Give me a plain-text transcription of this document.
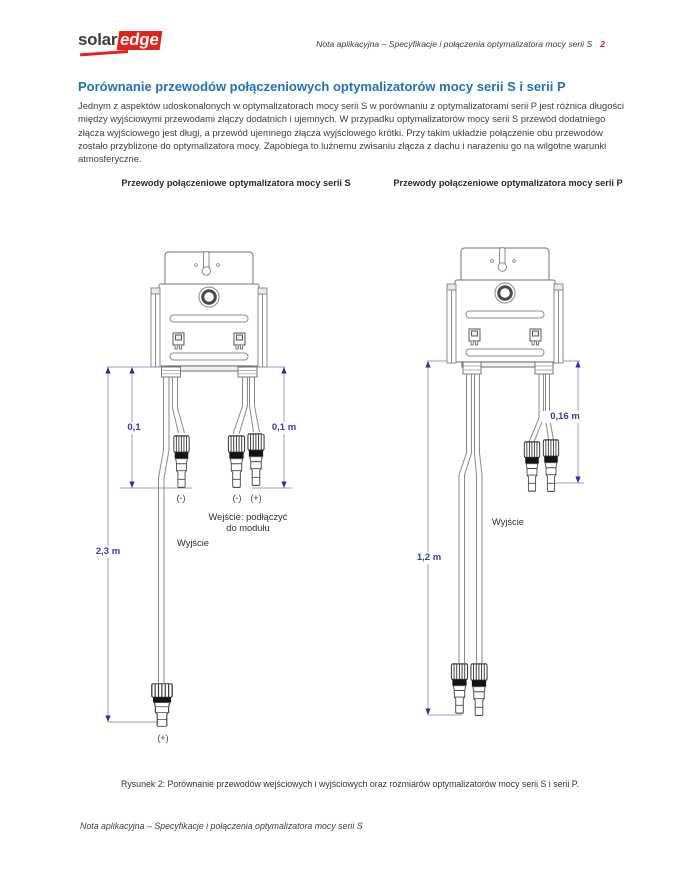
solar edge	Nota aplikacyjna – Specyfikacje i połączenia optymalizatora mocy serii S 2
Porównanie przewodów połączeniowych optymalizatorów mocy serii S i serii P

Jednym z aspektów udoskonalonych w optymalizatorach mocy serii S w porównaniu z optymalizatorami serii P jest różnica długości między wyjściowymi przewodami złączy dodatnich i ujemnych. W przypadku optymalizatorów mocy serii S przewód dodatniego złącza wyjściowego jest długi, a przewód ujemnego złącza wyjściowego krótki. Przy takim układzie połączenie obu przewodów zostało przybliżone do optymalizatora mocy. Zapobiega to luźnemu zwisaniu złącza z dachu i narażeniu go na wilgotne warunki atmosferyczne.

Przewody połączeniowe optymalizatora mocy serii S	Przewody połączeniowe optymalizatora mocy serii P
0,1	0,1 m
2,3 m
0,16 m
1,2 m
(-)	(-)	(+)
(+)
Wejście: podłączyć
do modułu
Wyjście
Wyjście
Rysunek 2: Porównanie przewodów wejściowych i wyjściowych oraz rozmiarów optymalizatorów mocy serii S i serii P.
Nota aplikacyjna – Specyfikacje i połączenia optymalizatora mocy serii S
